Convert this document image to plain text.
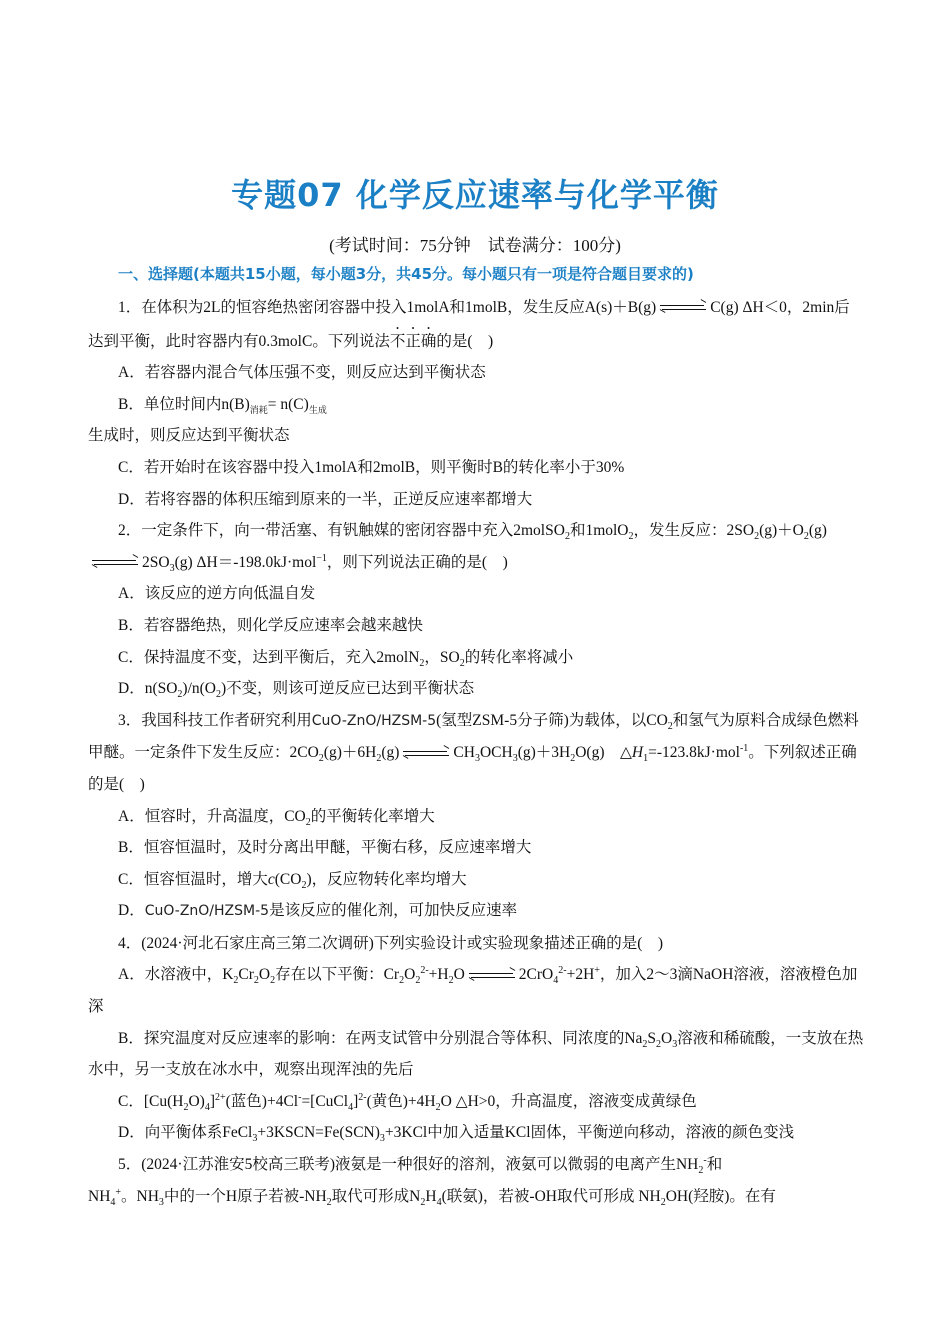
专题07 化学反应速率与化学平衡
(考试时间：75分钟　试卷满分：100分)
一、选择题(本题共15小题，每小题3分，共45分。每小题只有一项是符合题目要求的)

1．在体积为2L的恒容绝热密闭容器中投入1molA和1molB，发生反应A(s)＋B(g)	C(g) ΔH＜0，2min后达到平衡，此时容器内有0.3molC。下列说法不正确的是(　)

A．若容器内混合气体压强不变，则反应达到平衡状态

B．单位时间内$n(B)_{消耗}= n(C)_{生成}$

生成时，则反应达到平衡状态

C．若开始时在该容器中投入1molA和2molB，则平衡时B的转化率小于30%

D．若将容器的体积压缩到原来的一半，正逆反应速率都增大

2．一定条件下，向一带活塞、有钒触媒的密闭容器中充入2molSO$_2$和1molO$_2$，发生反应：$2SO_2(g)+O_2(g)$
$2SO_3(g)$ ΔH＝-198.0kJ·mol$^{-1}$，则下列说法正确的是(　)

A．该反应的逆方向低温自发

B．若容器绝热，则化学反应速率会越来越快

C．保持温度不变，达到平衡后，充入2molN$_2$，$SO_2$的转化率将减小

D．$n(SO_2)/n(O_2)$不变，则该可逆反应已达到平衡状态

3．我国科技工作者研究利用CuO-ZnO/HZSM-5(氢型ZSM-5分子筛)为载体，以$CO_2$和氢气为原料合成绿色燃料甲醚。一定条件下发生反应：$2CO_2(g)+6H_2(g)$	$CH_3OCH_3(g)+3H_2O(g)$　$\triangle H_1=-123.8kJ\cdot mol^{-1}$。下列叙述正确的是(　)

A．恒容时，升高温度，$CO_2$的平衡转化率增大

B．恒容恒温时，及时分离出甲醚，平衡右移，反应速率增大

C．恒容恒温时，增大$c(CO_2)$，反应物转化率均增大

D．CuO-ZnO/HZSM-5是该反应的催化剂，可加快反应速率

4．(2024·河北石家庄高三第二次调研)下列实验设计或实验现象描述正确的是(　)

A．水溶液中，$K_2Cr_2O_2$存在以下平衡：$Cr_2O_2^{2-}+H_2O$	2CrO$_4^{2-}$+2H+，加入2～3滴NaOH溶液，溶液橙色加深

B．探究温度对反应速率的影响：在两支试管中分别混合等体积、同浓度的$Na_2S_2O_3$溶液和稀硫酸，一支放在热水中，另一支放在冰水中，观察出现浑浊的先后

C．$[Cu(H_2O)_4]^{2+}$(蓝色)+4Cl-=[CuCl$_4$]$^{2-}$(黄色)$+4H_2O$ △H>0，升高温度，溶液变成黄绿色

D．向平衡体系$FeCl_3+3KSCN=Fe(SCN)_3+3KCl$中加入适量KCl固体，平衡逆向移动，溶液的颜色变浅

5．(2024·江苏淮安5校高三联考)液氨是一种很好的溶剂，液氨可以微弱的电离产生$NH_2^-$和

$NH_4^+$。$NH_3$中的一个H原子若被$-NH_2$取代可形成$N_2H_4$(联氨)，若被-OH取代可形成 $NH_2OH$(羟胺)。在有
